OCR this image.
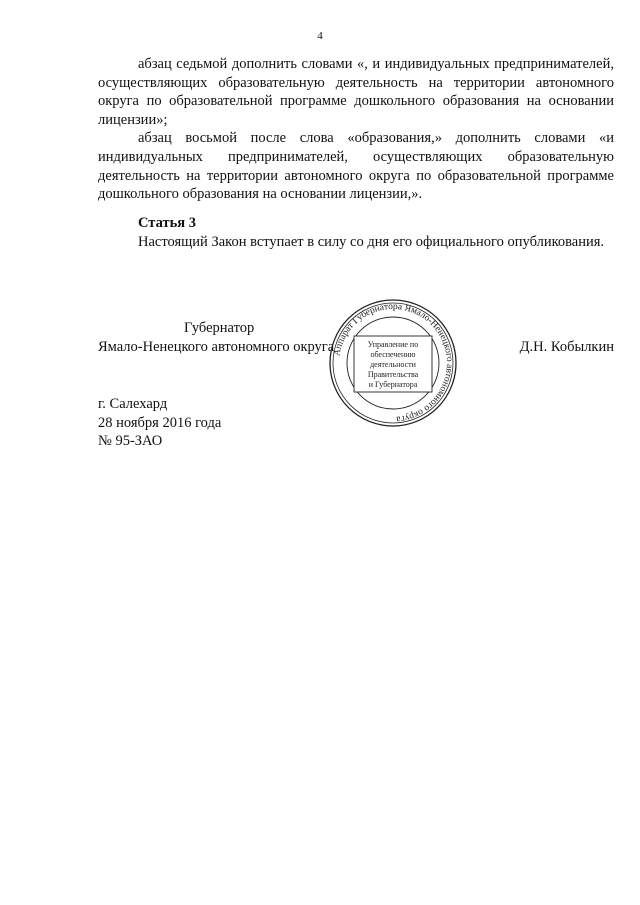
4

абзац седьмой дополнить словами «, и индивидуальных предпринимателей, осуществляющих образовательную деятельность на территории автономного округа по образовательной программе дошкольного образования на основании лицензии»;

абзац восьмой после слова «образования,» дополнить словами «и индивидуальных предпринимателей, осуществляющих образовательную деятельность на территории автономного округа по образовательной программе дошкольного образования на основании лицензии,».

Статья 3

Настоящий Закон вступает в силу со дня его официального опубликования.

Губернатор
Ямало-Ненецкого автономного округа	Д.Н. Кобылкин
Аппарат Губернатора Ямало-Ненецкого автономного округа
Управление по
обеспечению
деятельности
Правительства
и Губернатора
г. Салехард
28 ноября 2016 года
№ 95-ЗАО
